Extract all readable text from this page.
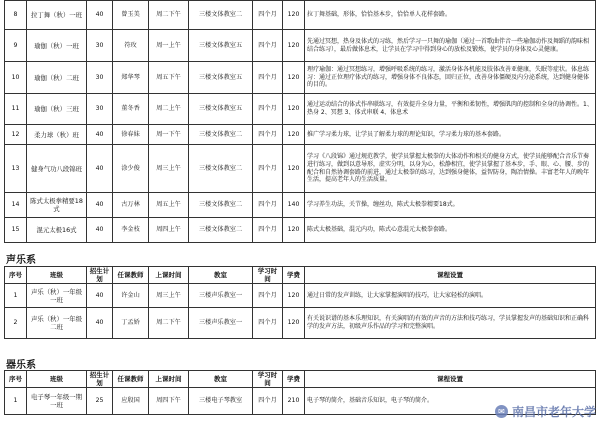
8	拉丁舞（秋）一班	40	曾玉美	周二下午	三楼文体教室二	四个月	120	拉丁舞基础，形体，恰恰基本步，恰恰单人花样套路。
9	瑜伽（秋）一班	30	符玫	周一上午	三楼文体教室五	四个月	120	先通过冥想，热身及体式的习练，然后学习一只舞的瑜伽（通过一首歌曲伴音一些瑜伽动作及舞蹈的韵味相结合练习），最后做体息术，让学员在学习中得到身心的放松及锻炼，使学员的身体及心灵健康。
10	瑜伽（秋）二班	30	郑华琴	周五下午	三楼文体教室五	四个月	120	理疗瑜伽：通过冥想练习，增强呼吸系统的练习，激活身体各机能及肢体改善亚健康，失眠等症状。体息练习：通过正位理疗体式的练习，增强身体不良体态，回归正位，改善身体僵硬及内分泌系统，达到健身健体的目的。
11	瑜伽（秋）三班	30	董冬香	周二上午	三楼文体教室五	四个月	120	通过运动结合的体式作串联练习，有效提升全身力量，平衡和柔韧性，增强肌肉的控制和全身的协调性。1、热身 2、冥想 3、体式串联 4、体息术
12	柔力球（秋）班	40	徐春妹	周一下午	三楼文体教室二	四个月	120	推广学习柔力球，让学员了解柔力球的理论知识，学习柔力球的基本套路。
13	健身气功八段锦班	40	涂少俊	周三上午	三楼文体教室二	四个月	120	学习《八段锦》通过规范教学，使学员掌握太极拳的大体动作和相关的健身方式，使学员能够配合音乐节奏进行练习，做到以意导形，虚实分明，以身为心，松静相宜，使学员掌握了基本步，手、眼、心、腰、步的配合和自然协调套路的前进，通过太极拳的练习，达到强身健体，益智防身，陶冶情操。丰富老年人的晚年生活，提高老年人的生活质量。
14	陈式太极拳精要18式	40	古万林	周五上午	三楼文体教室二	四个月	140	学习养生功法，关节操，缠丝功，陈式太极拳精要18式。
15	混元太极16式	40	李金枝	周四上午	三楼文体教室二	四个月	120	陈式太极基础，混元内功，陈式心意混元太极拳套路。
声乐系
序号	班级	招生计划	任课教师	上课时间	教室	学习时间	学费	课程设置
1	声乐（秋）一年级一班	40	许金山	周三上午	三楼声乐教室一	四个月	120	通过日常的发声训练，让大家掌握演唱的技巧，让大家轻松的演唱。
2	声乐（秋）一年级二班	40	丁孟娇	周二下午	三楼声乐教室一	四个月	120	有关说识谱的基本乐理知识，有关演唱的有效的声音的方法和技巧练习，学员掌握发声的基础知识和正确科学的发声方法，初级声乐作品的学习和完整演唱。
器乐系
序号	班级	招生计划	任课教师	上课时间	教室	学习时间	学费	课程设置
1	电子琴一年级一期一班	25	应殷国	周四下午	三楼电子琴教室	四个月	210	电子琴的简介，基础音乐知识，电子琴的简介。
✉ 南昌市老年大学
